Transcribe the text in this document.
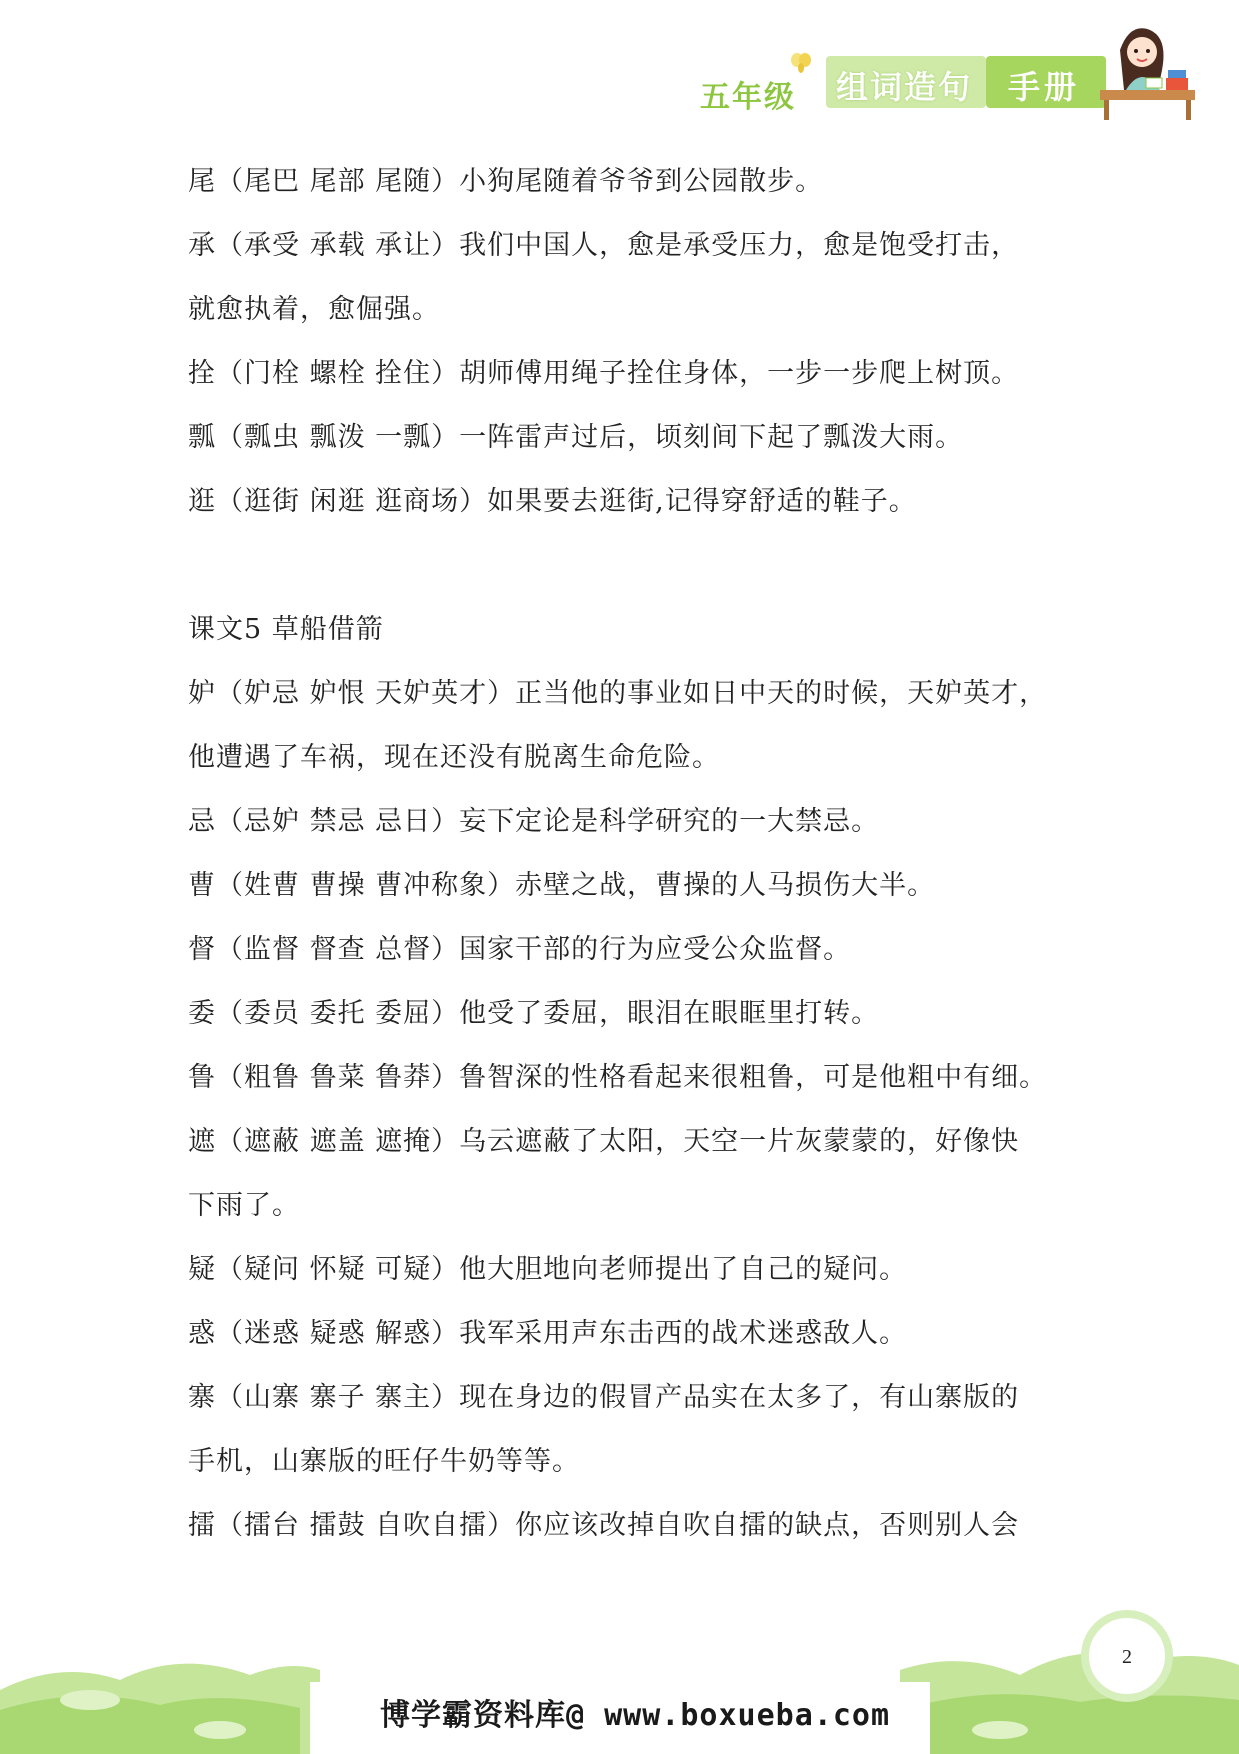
五年级 组词造句 手册
尾（尾巴 尾部 尾随）小狗尾随着爷爷到公园散步。
承（承受 承载 承让）我们中国人，愈是承受压力，愈是饱受打击，
就愈执着，愈倔强。
拴（门栓 螺栓 拴住）胡师傅用绳子拴住身体，一步一步爬上树顶。
瓢（瓢虫 瓢泼 一瓢）一阵雷声过后，顷刻间下起了瓢泼大雨。
逛（逛街 闲逛 逛商场）如果要去逛街,记得穿舒适的鞋子。
课文5 草船借箭
妒（妒忌 妒恨 天妒英才）正当他的事业如日中天的时候，天妒英才，
他遭遇了车祸，现在还没有脱离生命危险。
忌（忌妒 禁忌 忌日）妄下定论是科学研究的一大禁忌。
曹（姓曹 曹操 曹冲称象）赤壁之战，曹操的人马损伤大半。
督（监督 督查 总督）国家干部的行为应受公众监督。
委（委员 委托 委屈）他受了委屈，眼泪在眼眶里打转。
鲁（粗鲁 鲁菜 鲁莽）鲁智深的性格看起来很粗鲁，可是他粗中有细。
遮（遮蔽 遮盖 遮掩）乌云遮蔽了太阳，天空一片灰蒙蒙的，好像快
下雨了。
疑（疑问 怀疑 可疑）他大胆地向老师提出了自己的疑问。
惑（迷惑 疑惑 解惑）我军采用声东击西的战术迷惑敌人。
寨（山寨 寨子 寨主）现在身边的假冒产品实在太多了，有山寨版的
手机，山寨版的旺仔牛奶等等。
擂（擂台 擂鼓 自吹自擂）你应该改掉自吹自擂的缺点，否则别人会
博学霸资料库@ www.boxueba.com
2
